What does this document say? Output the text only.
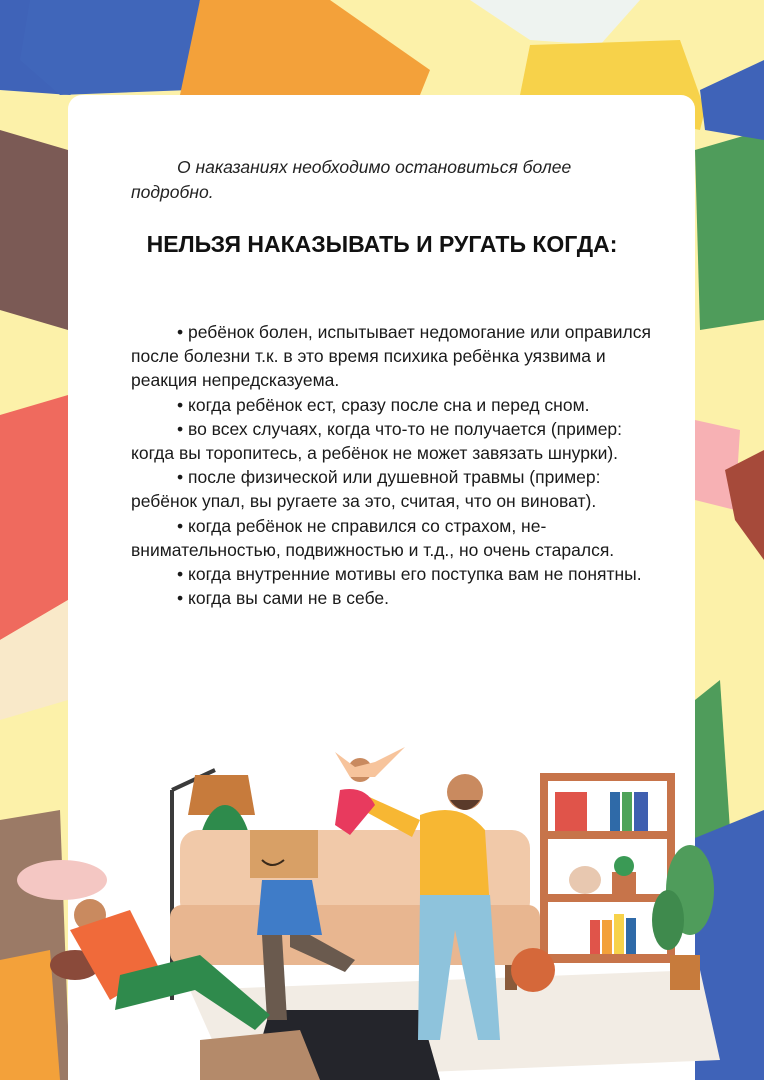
О наказаниях необходимо остановиться более подробно.

НЕЛЬЗЯ НАКАЗЫВАТЬ И РУГАТЬ КОГДА:

• ребёнок болен, испытывает недомогание или оправился после болезни т.к. в это время психика ребёнка уязвима и реакция непредсказуема.
• когда ребёнок ест, сразу после сна и перед сном.
• во всех случаях, когда что-то не получается (пример: когда вы торопитесь, а ребёнок не может завязать шнурки).
• после физической или душевной травмы (пример: ребёнок упал, вы ругаете за это, считая, что он виноват).
• когда ребёнок не справился со страхом, не-внимательностью, подвижностью и т.д., но очень старался.
• когда внутренние мотивы его поступка вам не понятны.
• когда вы сами не в себе.
